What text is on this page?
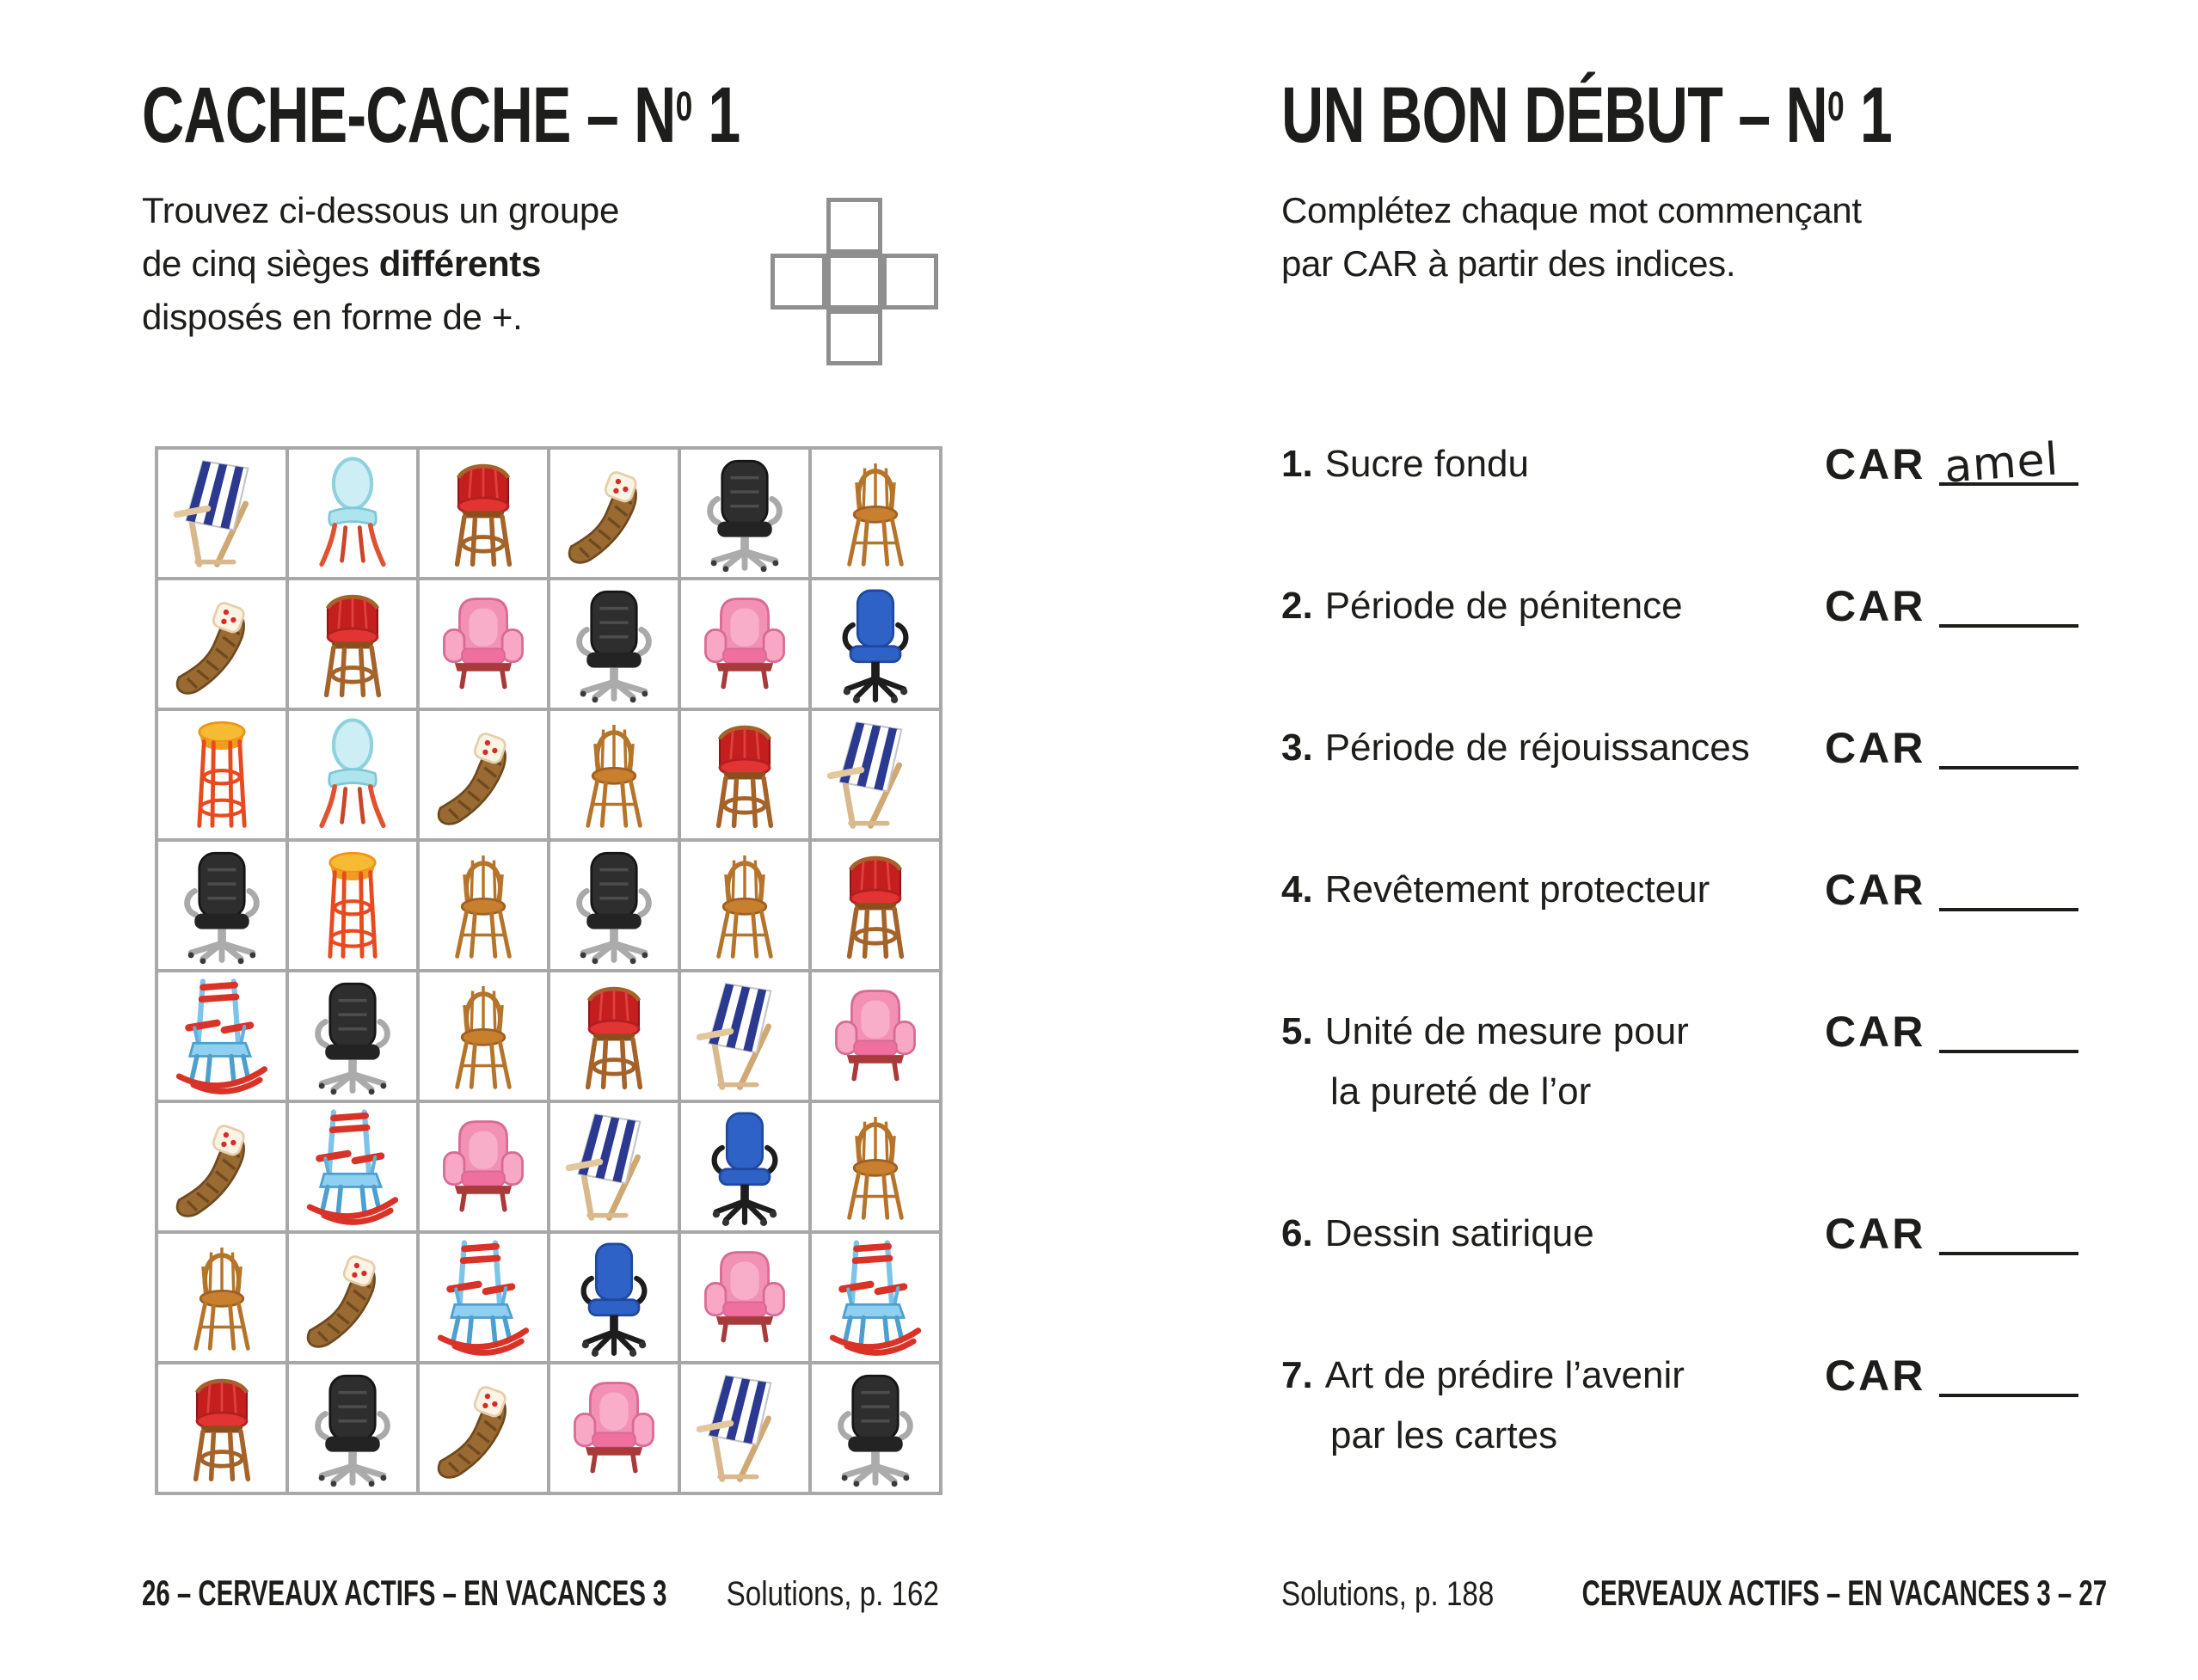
CACHE-CACHE – $N^0$ 1

Trouvez ci-dessous un groupe
de cinq sièges différents
disposés en forme de +.

26 – CERVEAUX ACTIFS – EN VACANCES 3 Solutions, p. 162
UN BON DÉBUT – $N^0$ 1

Complétez chaque mot commençant
par CAR à partir des indices.

1. Sucre fondu	CAR amel
2. Période de pénitence	CAR
3. Période de réjouissances CAR
4. Revêtement protecteur	CAR
5. Unité de mesure pour
la pureté de l’or
CAR
6. Dessin satirique	CAR
7. Art de prédire l’avenir
par les cartes
CAR
Solutions, p. 188 CERVEAUX ACTIFS – EN VACANCES 3 – 27
